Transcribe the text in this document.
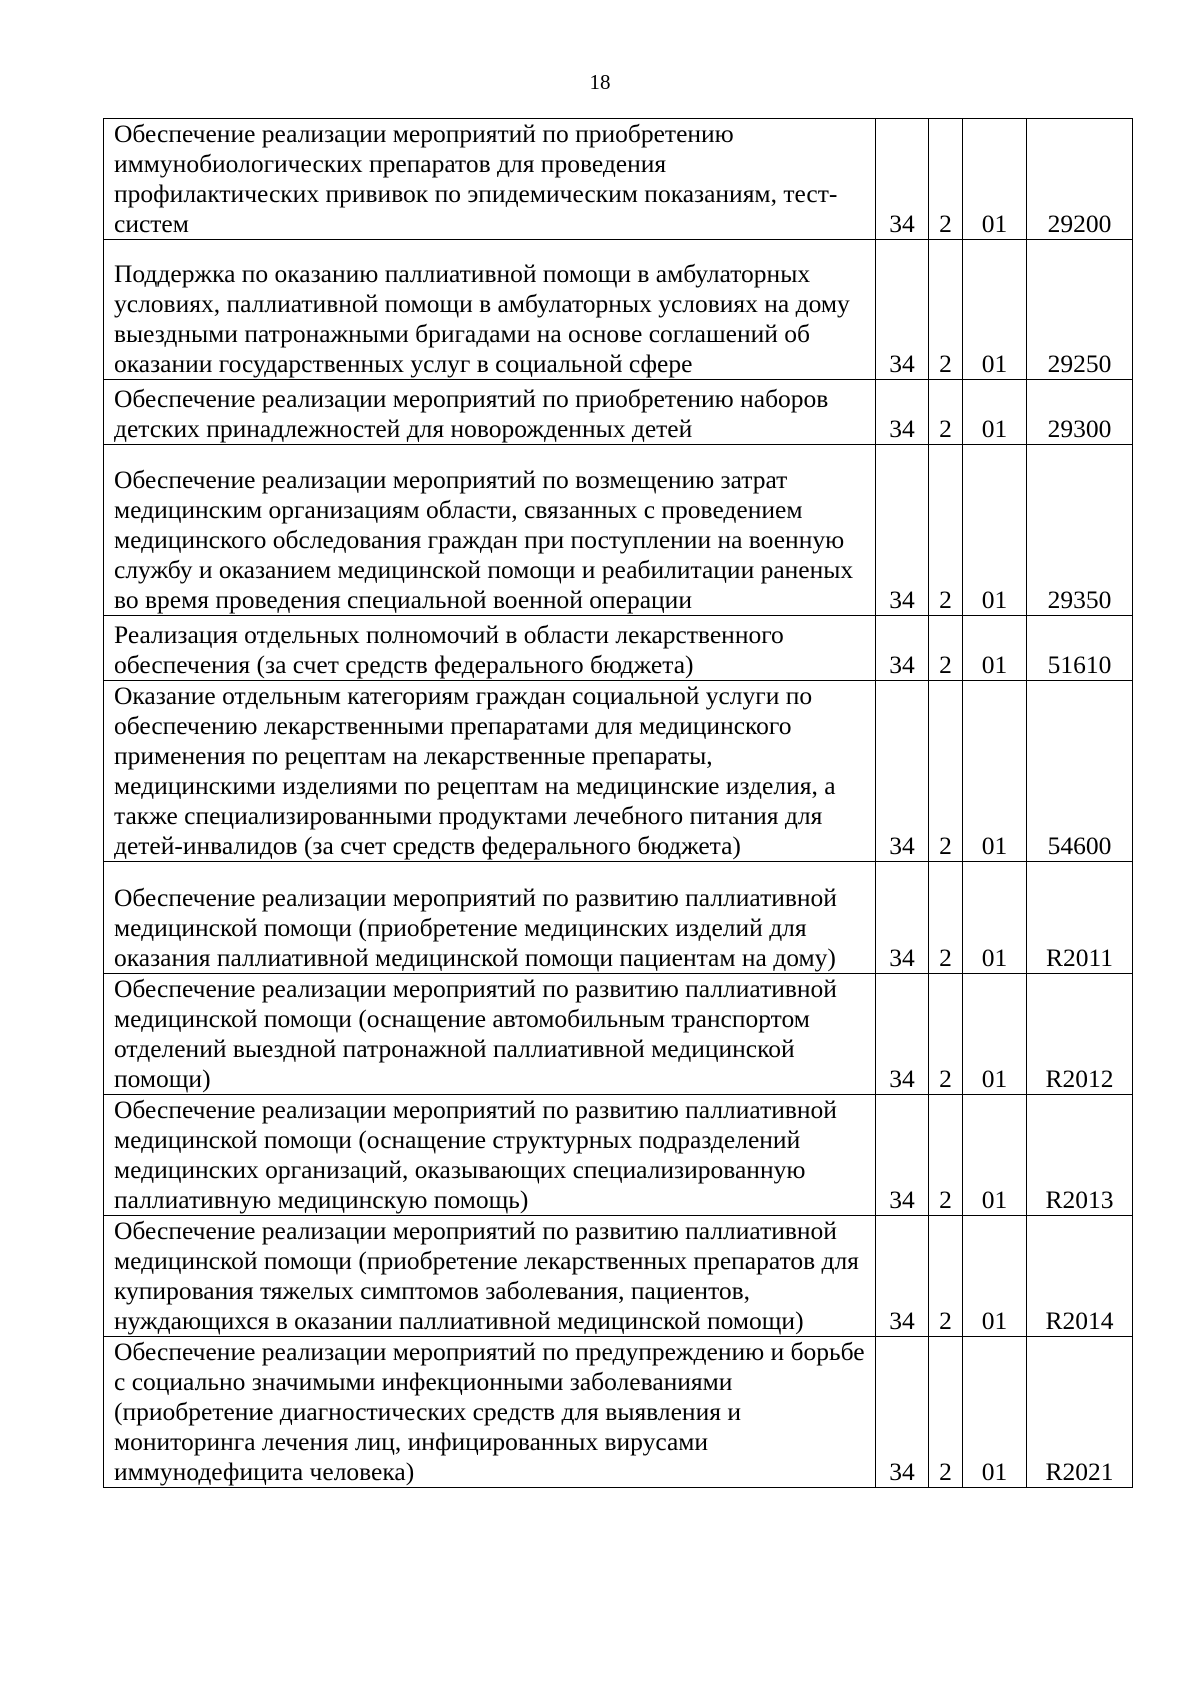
18
Обеспечение реализации мероприятий по приобретению иммунобиологических препаратов для проведения профилактических прививок по эпидемическим показаниям, тест-систем	34	2	01	29200
Поддержка по оказанию паллиативной помощи в амбулаторных условиях, паллиативной помощи в амбулаторных условиях на дому выездными патронажными бригадами на основе соглашений об оказании государственных услуг в социальной сфере	34	2	01	29250
Обеспечение реализации мероприятий по приобретению наборов детских принадлежностей для новорожденных детей	34	2	01	29300
Обеспечение реализации мероприятий по возмещению затрат медицинским организациям области, связанных с проведением медицинского обследования граждан при поступлении на военную службу и оказанием медицинской помощи и реабилитации раненых во время проведения специальной военной операции	34	2	01	29350
Реализация отдельных полномочий в области лекарственного обеспечения (за счет средств федерального бюджета)	34	2	01	51610
Оказание отдельным категориям граждан социальной услуги по обеспечению лекарственными препаратами для медицинского применения по рецептам на лекарственные препараты, медицинскими изделиями по рецептам на медицинские изделия, а также специализированными продуктами лечебного питания для детей-инвалидов (за счет средств федерального бюджета)	34	2	01	54600
Обеспечение реализации мероприятий по развитию паллиативной медицинской помощи (приобретение медицинских изделий для оказания паллиативной медицинской помощи пациентам на дому)	34	2	01	R2011
Обеспечение реализации мероприятий по развитию паллиативной медицинской помощи (оснащение автомобильным транспортом отделений выездной патронажной паллиативной медицинской помощи)	34	2	01	R2012
Обеспечение реализации мероприятий по развитию паллиативной медицинской помощи (оснащение структурных подразделений медицинских организаций, оказывающих специализированную паллиативную медицинскую помощь)	34	2	01	R2013
Обеспечение реализации мероприятий по развитию паллиативной медицинской помощи (приобретение лекарственных препаратов для купирования тяжелых симптомов заболевания, пациентов, нуждающихся в оказании паллиативной медицинской помощи)	34	2	01	R2014
Обеспечение реализации мероприятий по предупреждению и борьбе с социально значимыми инфекционными заболеваниями (приобретение диагностических средств для выявления и мониторинга лечения лиц, инфицированных вирусами иммунодефицита человека)	34	2	01	R2021
